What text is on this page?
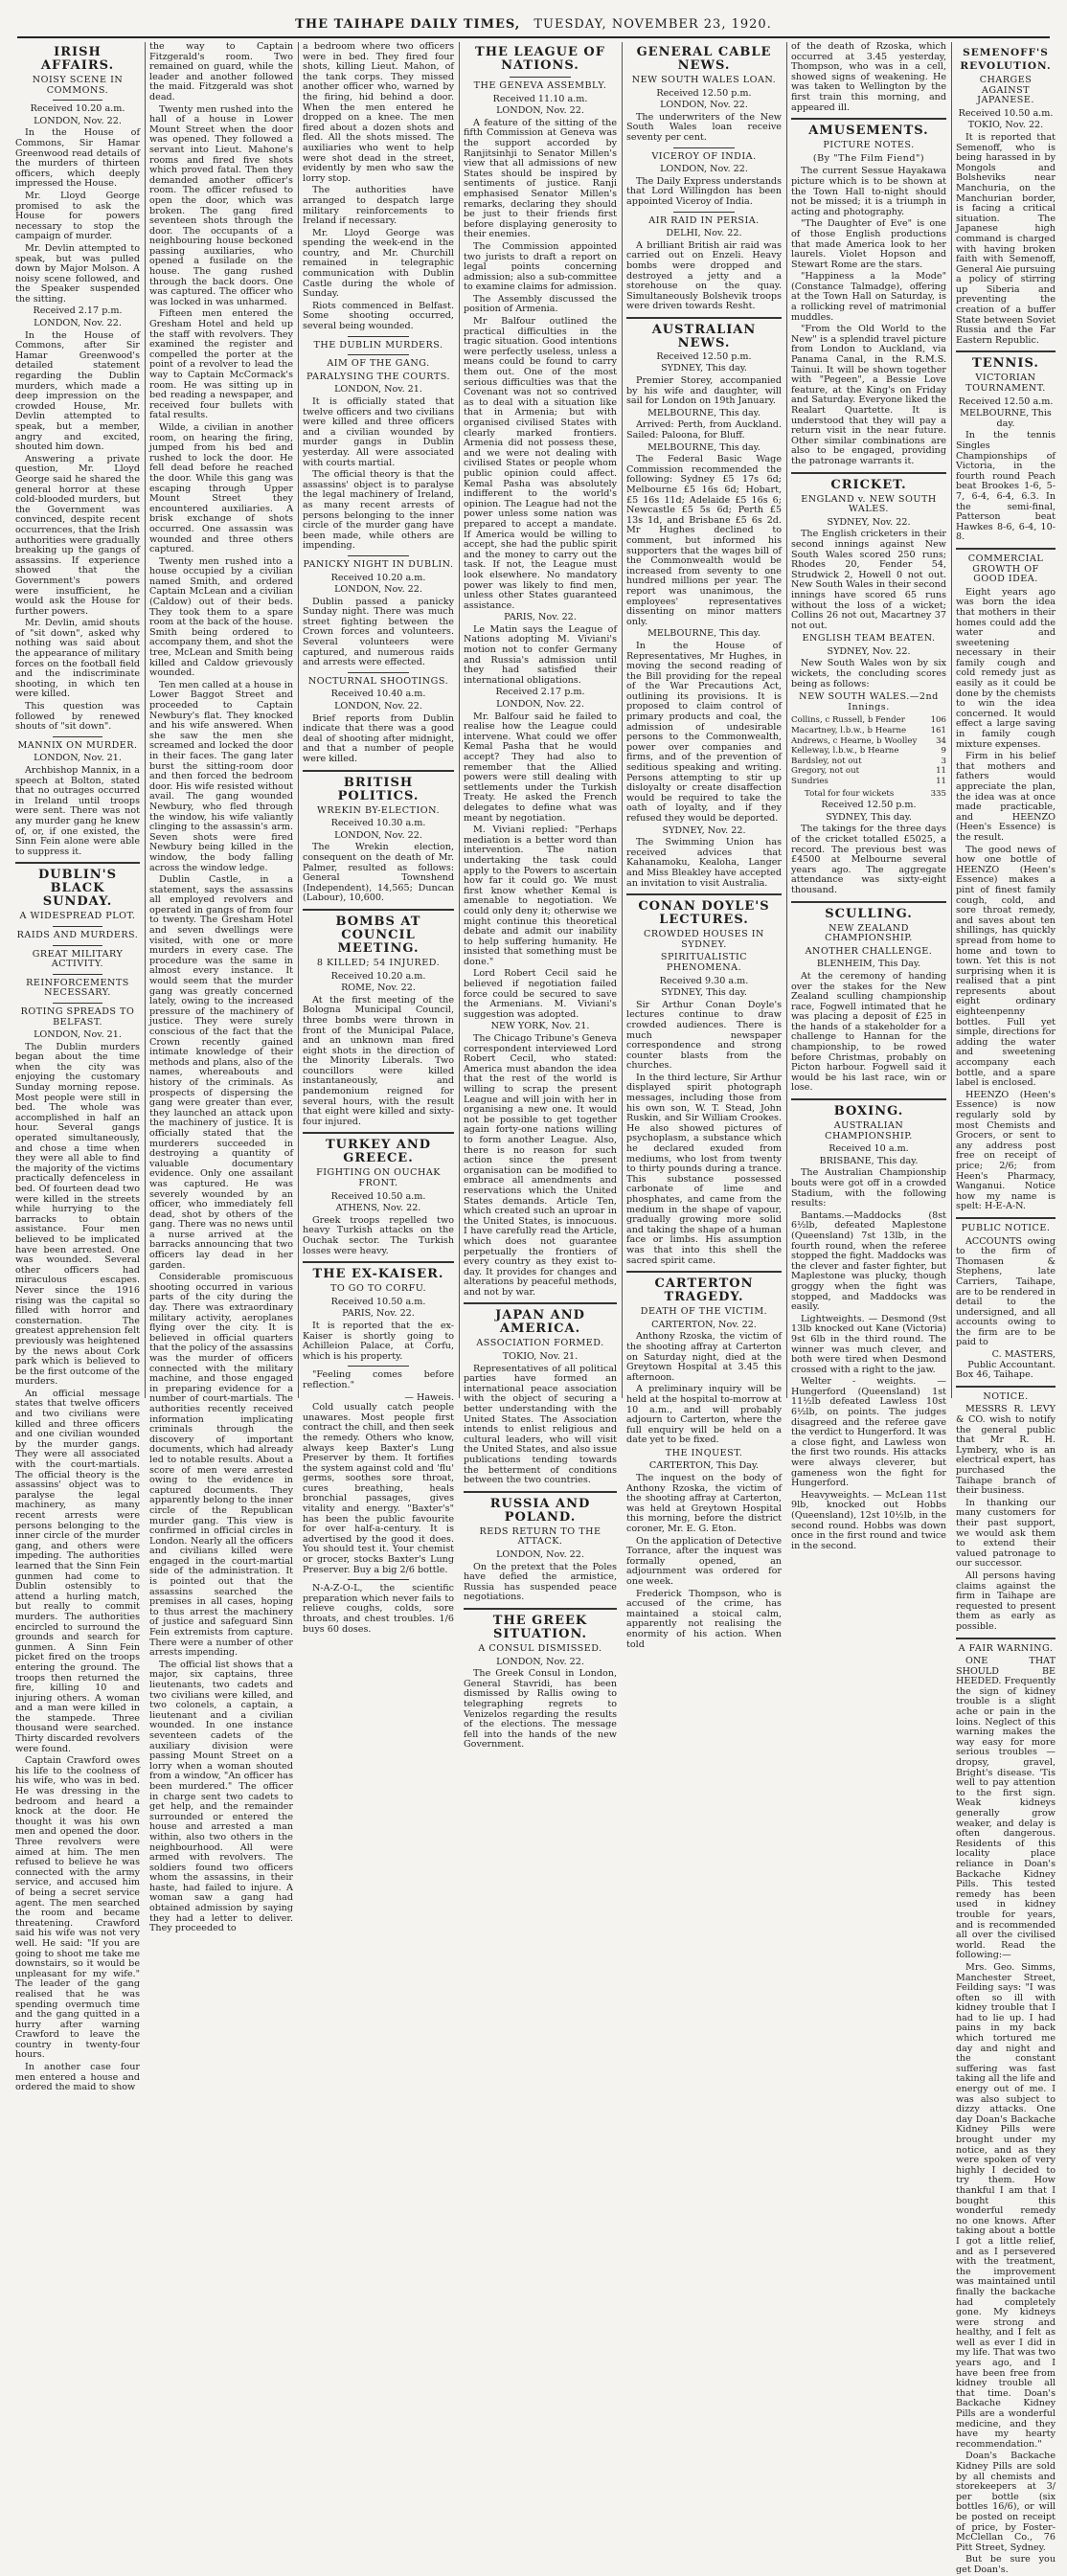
THE TAIHAPE DAILY TIMES, TUESDAY, NOVEMBER 23, 1920.
IRISH AFFAIRS.
NOISY SCENE IN COMMONS.
Received 10.20 a.m.
LONDON, Nov. 22.

In the House of Commons, Sir Hamar Greenwood read details of the murders of thirteen officers, which deeply impressed the House.

Mr. Lloyd George promised to ask the House for powers necessary to stop the campaign of murder.

Mr. Devlin attempted to speak, but was pulled down by Major Molson. A noisy scene followed, and the Speaker suspended the sitting.

Received 2.17 p.m.
LONDON, Nov. 22.

In the House of Commons, after Sir Hamar Greenwood's detailed statement regarding the Dublin murders, which made a deep impression on the crowded House, Mr. Devlin attempted to speak, but a member, angry and excited, shouted him down.

Answering a private question, Mr. Lloyd George said he shared the general horror at these cold-blooded murders, but the Government was convinced, despite recent occurrences, that the Irish authorities were gradually breaking up the gangs of assassins. If experience showed that the Government's powers were insufficient, he would ask the House for further powers.

Mr. Devlin, amid shouts of "sit down", asked why nothing was said about the appearance of military forces on the football field and the indiscriminate shooting, in which ten were killed.

This question was followed by renewed shouts of "sit down".

MANNIX ON MURDER.
LONDON, Nov. 21.

Archbishop Mannix, in a speech at Bolton, stated that no outrages occurred in Ireland until troops were sent. There was not any murder gang he knew of, or, if one existed, the Sinn Fein alone were able to suppress it.

DUBLIN'S BLACK SUNDAY.
A WIDESPREAD PLOT.
RAIDS AND MURDERS.
GREAT MILITARY ACTIVITY.
REINFORCEMENTS NECESSARY.
ROTING SPREADS TO BELFAST.
LONDON, Nov. 21.

The Dublin murders began about the time when the city was enjoying the customary Sunday morning repose. Most people were still in bed. The whole was accomplished in half an hour. Several gangs operated simultaneously, and chose a time when they were all able to find the majority of the victims practically defenceless in bed. Of fourteen dead two were killed in the streets while hurrying to the barracks to obtain assistance. Four men believed to be implicated have been arrested. One was wounded. Several other officers had miraculous escapes. Never since the 1916 rising was the capital so filled with horror and consternation. The greatest apprehension felt previously was heightened by the news about Cork park which is believed to be the first outcome of the murders.

An official message states that twelve officers and two civilians were killed and three officers and one civilian wounded by the murder gangs. They were all associated with the court-martials. The official theory is the assassins' object was to paralyse the legal machinery, as many recent arrests were persons belonging to the inner circle of the murder gang, and others were impeding. The authorities learned that the Sinn Fein gunmen had come to Dublin ostensibly to attend a hurling match, but really to commit murders. The authorities encircled to surround the grounds and search for gunmen. A Sinn Fein picket fired on the troops entering the ground. The troops then returned the fire, killing 10 and injuring others. A woman and a man were killed in the stampede. Three thousand were searched. Thirty discarded revolvers were found.

Captain Crawford owes his life to the coolness of his wife, who was in bed. He was dressing in the bedroom and heard a knock at the door. He thought it was his own men and opened the door. Three revolvers were aimed at him. The men refused to believe he was connected with the army service, and accused him of being a secret service agent. The men searched the room and became threatening. Crawford said his wife was not very well. He said: "If you are going to shoot me take me downstairs, so it would be unpleasant for my wife." The leader of the gang realised that he was spending overmuch time and the gang quitted in a hurry after warning Crawford to leave the country in twenty-four hours.

In another case four men entered a house and ordered the maid to show

the way to Captain Fitzgerald's room. Two remained on guard, while the leader and another followed the maid. Fitzgerald was shot dead.

Twenty men rushed into the hall of a house in Lower Mount Street when the door was opened. They followed a servant into Lieut. Mahone's rooms and fired five shots which proved fatal. Then they demanded another officer's room. The officer refused to open the door, which was broken. The gang fired seventeen shots through the door. The occupants of a neighbouring house beckoned passing auxiliaries, who opened a fusilade on the house. The gang rushed through the back doors. One was captured. The officer who was locked in was unharmed.

Fifteen men entered the Gresham Hotel and held up the staff with revolvers. They examined the register and compelled the porter at the point of a revolver to lead the way to Captain McCormack's room. He was sitting up in bed reading a newspaper, and received four bullets with fatal results.

Wilde, a civilian in another room, on hearing the firing, jumped from his bed and rushed to lock the door. He fell dead before he reached the door. While this gang was escaping through Upper Mount Street they encountered auxiliaries. A brisk exchange of shots occurred. One assassin was wounded and three others captured.

Twenty men rushed into a house occupied by a civilian named Smith, and ordered Captain McLean and a civilian (Caldow) out of their beds. They took them to a spare room at the back of the house. Smith being ordered to accompany them, and shot the tree, McLean and Smith being killed and Caldow grievously wounded.

Ten men called at a house in Lower Baggot Street and proceeded to Captain Newbury's flat. They knocked and his wife answered. When she saw the men she screamed and locked the door in their faces. The gang later burst the sitting-room door and then forced the bedroom door. His wife resisted without avail. The gang wounded Newbury, who fled through the window, his wife valiantly clinging to the assassin's arm. Seven shots were fired Newbury being killed in the window, the body falling across the window ledge.

Dublin Castle, in a statement, says the assassins all employed revolvers and operated in gangs of from four to twenty. The Gresham Hotel and seven dwellings were visited, with one or more murders in every case. The procedure was the same in almost every instance. It would seem that the murder gang was greatly concerned lately, owing to the increased pressure of the machinery of justice. They were surely conscious of the fact that the Crown recently gained intimate knowledge of their methods and plans, also of the names, whereabouts and history of the criminals. As prospects of dispersing the gang were greater than ever, they launched an attack upon the machinery of justice. It is officially stated that the murderers succeeded in destroying a quantity of valuable documentary evidence. Only one assailant was captured. He was severely wounded by an officer, who immediately fell dead, shot by others of the gang. There was no news until a nurse arrived at the barracks announcing that two officers lay dead in her garden.

Considerable promiscuous shooting occurred in various parts of the city during the day. There was extraordinary military activity, aeroplanes flying over the city. It is believed in official quarters that the policy of the assassins was the murder of officers connected with the military machine, and those engaged in preparing evidence for a number of court-martials. The authorities recently received information implicating criminals through the discovery of important documents, which had already led to notable results. About a score of men were arrested owing to the evidence in captured documents. They apparently belong to the inner circle of the Republican murder gang. This view is confirmed in official circles in London. Nearly all the officers and civilians killed were engaged in the court-martial side of the administration. It is pointed out that the assassins searched the premises in all cases, hoping to thus arrest the machinery of justice and safeguard Sinn Fein extremists from capture. There were a number of other arrests impending.

The official list shows that a major, six captains, three lieutenants, two cadets and two civilians were killed, and two colonels, a captain, a lieutenant and a civilian wounded. In one instance seventeen cadets of the auxiliary division were passing Mount Street on a lorry when a woman shouted from a window, "An officer has been murdered." The officer in charge sent two cadets to get help, and the remainder surrounded or entered the house and arrested a man within, also two others in the neighbourhood. All were armed with revolvers. The soldiers found two officers whom the assassins, in their haste, had failed to injure. A woman saw a gang had obtained admission by saying they had a letter to deliver. They proceeded to

a bedroom where two officers were in bed. They fired four shots, killing Lieut. Mahon, of the tank corps. They missed another officer who, warned by the firing, hid behind a door. When the men entered he dropped on a knee. The men fired about a dozen shots and fled. All the shots missed. The auxiliaries who went to help were shot dead in the street, evidently by men who saw the lorry stop.

The authorities have arranged to despatch large military reinforcements to Ireland if necessary.

Mr. Lloyd George was spending the week-end in the country, and Mr. Churchill remained in telegraphic communication with Dublin Castle during the whole of Sunday.

Riots commenced in Belfast. Some shooting occurred, several being wounded.

THE DUBLIN MURDERS.
AIM OF THE GANG.
PARALYSING THE COURTS.
LONDON, Nov. 21.

It is officially stated that twelve officers and two civilians were killed and three officers and a civilian wounded by murder gangs in Dublin yesterday. All were associated with courts martial.

The official theory is that the assassins' object is to paralyse the legal machinery of Ireland, as many recent arrests of persons belonging to the inner circle of the murder gang have been made, while others are impending.

PANICKY NIGHT IN DUBLIN.
Received 10.20 a.m.
LONDON, Nov. 22.

Dublin passed a panicky Sunday night. There was much street fighting between the Crown forces and volunteers. Several volunteers were captured, and numerous raids and arrests were effected.

NOCTURNAL SHOOTINGS.
Received 10.40 a.m.
LONDON, Nov. 22.

Brief reports from Dublin indicate that there was a good deal of shooting after midnight, and that a number of people were killed.

BRITISH POLITICS.
WREKIN BY-ELECTION.
Received 10.30 a.m.
LONDON, Nov. 22.

The Wrekin election, consequent on the death of Mr. Palmer, resulted as follows: General Townshend (Independent), 14,565; Duncan (Labour), 10,600.

BOMBS AT COUNCIL MEETING.
8 KILLED; 54 INJURED.
Received 10.20 a.m.
ROME, Nov. 22.

At the first meeting of the Bologna Municipal Council, three bombs were thrown in front of the Municipal Palace, and an unknown man fired eight shots in the direction of the Minority Liberals. Two councillors were killed instantaneously, and pandemonium reigned for several hours, with the result that eight were killed and sixty-four injured.

TURKEY AND GREECE.
FIGHTING ON OUCHAK FRONT.
Received 10.50 a.m.
ATHENS, Nov. 22.

Greek troops repelled two heavy Turkish attacks on the Ouchak sector. The Turkish losses were heavy.

THE EX-KAISER.
TO GO TO CORFU.
Received 10.50 a.m.
PARIS, Nov. 22.

It is reported that the ex-Kaiser is shortly going to Achilleion Palace, at Corfu, which is his property.

"Feeling comes before reflection."

— Haweis.

Cold usually catch people unawares. Most people first contract the chill, and then seek the remedy. Others who know, always keep Baxter's Lung Preserver by them. It fortifies the system against cold and 'flu' germs, soothes sore throat, cures breathing, heals bronchial passages, gives vitality and energy. "Baxter's" has been the public favourite for over half-a-century. It is advertised by the good it does. You should test it. Your chemist or grocer, stocks Baxter's Lung Preserver. Buy a big 2/6 bottle.

N-A-Z-O-L, the scientific preparation which never fails to relieve coughs, colds, sore throats, and chest troubles. 1/6 buys 60 doses.

THE LEAGUE OF NATIONS.
THE GENEVA ASSEMBLY.
Received 11.10 a.m.
LONDON, Nov. 22.

A feature of the sitting of the fifth Commission at Geneva was the support accorded by Ranjitsinhji to Senator Millen's view that all admissions of new States should be inspired by sentiments of justice. Ranji emphasised Senator Millen's remarks, declaring they should be just to their friends first before displaying generosity to their enemies.

The Commission appointed two jurists to draft a report on legal points concerning admission; also a sub-committee to examine claims for admission.

The Assembly discussed the position of Armenia.

Mr Balfour outlined the practical difficulties in the tragic situation. Good intentions were perfectly useless, unless a means could be found to carry them out. One of the most serious difficulties was that the Covenant was not so contrived as to deal with a situation like that in Armenia; but with organised civilised States with clearly marked frontiers. Armenia did not possess these, and we were not dealing with civilised States or people whom public opinion could affect. Kemal Pasha was absolutely indifferent to the world's opinion. The League had not the power unless some nation was prepared to accept a mandate. If America would be willing to accept, she had the public spirit and the money to carry out the task. If not, the League must look elsewhere. No mandatory power was likely to find men, unless other States guaranteed assistance.

PARIS, Nov. 22.

Le Matin says the League of Nations adopting M. Viviani's motion not to confer Germany and Russia's admission until they had satisfied their international obligations.

Received 2.17 p.m.
LONDON, Nov. 22.

Mr. Balfour said he failed to realise how the League could intervene. What could we offer Kemal Pasha that he would accept? They had also to remember that the Allied powers were still dealing with settlements under the Turkish Treaty. He asked the French delegates to define what was meant by negotiation.

M. Viviani replied: "Perhaps mediation is a better word than intervention. The nation undertaking the task could apply to the Powers to ascertain how far it could go. We must first know whether Kemal is amenable to negotiation. We could only deny it; otherwise we might continue this theoretical debate and admit our inability to help suffering humanity. He insisted that something must be done."

Lord Robert Cecil said he believed if negotiation failed force could be secured to save the Armenians. M. Viviani's suggestion was adopted.

NEW YORK, Nov. 21.

The Chicago Tribune's Geneva correspondent interviewed Lord Robert Cecil, who stated: America must abandon the idea that the rest of the world is willing to scrap the present League and will join with her in organising a new one. It would not be possible to get together again forty-one nations willing to form another League. Also, there is no reason for such action since the present organisation can be modified to embrace all amendments and reservations which the United States demands. Article Ten, which created such an uproar in the United States, is innocuous. I have carefully read the Article, which does not guarantee perpetually the frontiers of every country as they exist to-day. It provides for changes and alterations by peaceful methods, and not by war.

JAPAN AND AMERICA.
ASSOCIATION FORMED.
TOKIO, Nov. 21.

Representatives of all political parties have formed an international peace association with the object of securing a better understanding with the United States. The Association intends to enlist religious and cultural leaders, who will visit the United States, and also issue publications tending towards the betterment of conditions between the two countries.

RUSSIA AND POLAND.
REDS RETURN TO THE ATTACK.
LONDON, Nov. 22.

On the pretext that the Poles have defied the armistice, Russia has suspended peace negotiations.

THE GREEK SITUATION.
A CONSUL DISMISSED.
LONDON, Nov. 22.

The Greek Consul in London, General Stavridi, has been dismissed by Rallis owing to telegraphing regrets to Venizelos regarding the results of the elections. The message fell into the hands of the new Government.

GENERAL CABLE NEWS.
NEW SOUTH WALES LOAN.
Received 12.50 p.m.
LONDON, Nov. 22.

The underwriters of the New South Wales loan receive seventy per cent.

VICEROY OF INDIA.
LONDON, Nov. 22.

The Daily Express understands that Lord Willingdon has been appointed Viceroy of India.

AIR RAID IN PERSIA.
DELHI, Nov. 22.

A brilliant British air raid was carried out on Enzeli. Heavy bombs were dropped and destroyed a jetty and a storehouse on the quay. Simultaneously Bolshevik troops were driven towards Resht.

AUSTRALIAN NEWS.
Received 12.50 p.m.
SYDNEY, This day.

Premier Storey, accompanied by his wife and daughter, will sail for London on 19th January.

MELBOURNE, This day.

Arrived: Perth, from Auckland. Sailed: Paloona, for Bluff.

MELBOURNE, This day.

The Federal Basic Wage Commission recommended the following: Sydney £5 17s 6d; Melbourne £5 16s 6d; Hobart, £5 16s 11d; Adelaide £5 16s 6; Newcastle £5 5s 6d; Perth £5 13s 1d, and Brisbane £5 6s 2d. Mr Hughes declined to comment, but informed his supporters that the wages bill of the Commonwealth would be increased from seventy to one hundred millions per year. The report was unanimous, the employees' representatives dissenting on minor matters only.

MELBOURNE, This day.

In the House of Representatives, Mr Hughes, in moving the second reading of the Bill providing for the repeal of the War Precautions Act, outlining its provisions. It is proposed to claim control of primary products and coal, the admission of undesirable persons to the Commonwealth, power over companies and firms, and of the prevention of seditious speaking and writing. Persons attempting to stir up disloyalty or create disaffection would be required to take the oath of loyalty, and if they refused they would be deported.

SYDNEY, Nov. 22.

The Swimming Union has received advices that Kahanamoku, Kealoha, Langer and Miss Bleakley have accepted an invitation to visit Australia.

CONAN DOYLE'S LECTURES.
CROWDED HOUSES IN SYDNEY.
SPIRITUALISTIC PHENOMENA.
Received 9.30 a.m.
SYDNEY, This day.

Sir Arthur Conan Doyle's lectures continue to draw crowded audiences. There is much newspaper correspondence and strong counter blasts from the churches.

In the third lecture, Sir Arthur displayed spirit photograph messages, including those from his own son, W. T. Stead, John Ruskin, and Sir William Crookes. He also showed pictures of psychoplasm, a substance which he declared exuded from mediums, who lost from twenty to thirty pounds during a trance. This substance possessed carbonate of lime and phosphates, and came from the medium in the shape of vapour, gradually growing more solid and taking the shape of a human face or limbs. His assumption was that into this shell the sacred spirit came.

CARTERTON TRAGEDY.
DEATH OF THE VICTIM.
CARTERTON, Nov. 22.

Anthony Rzoska, the victim of the shooting affray at Carterton on Saturday night, died at the Greytown Hospital at 3.45 this afternoon.

A preliminary inquiry will be held at the hospital to-morrow at 10 a.m., and will probably adjourn to Carterton, where the full enquiry will be held on a date yet to be fixed.

THE INQUEST.
CARTERTON, This Day.

The inquest on the body of Anthony Rzoska, the victim of the shooting affray at Carterton, was held at Greytown Hospital this morning, before the district coroner, Mr. E. G. Eton.

On the application of Detective Torrance, after the inquest was formally opened, an adjournment was ordered for one week.

Frederick Thompson, who is accused of the crime, has maintained a stoical calm, apparently not realising the enormity of his action. When told

of the death of Rzoska, which occurred at 3.45 yesterday, Thompson, who was in a cell, showed signs of weakening. He was taken to Wellington by the first train this morning, and appeared ill.

AMUSEMENTS.
PICTURE NOTES.
(By "The Film Fiend")

The current Sessue Hayakawa picture which is to be shown at the Town Hall to-night should not be missed; it is a triumph in acting and photography.

"The Daughter of Eve" is one of those English productions that made America look to her laurels. Violet Hopson and Stewart Rome are the stars.

"Happiness a la Mode" (Constance Talmadge), offering at the Town Hall on Saturday, is a rollicking revel of matrimonial muddles.

"From the Old World to the New" is a splendid travel picture from London to Auckland, via Panama Canal, in the R.M.S. Tainui. It will be shown together with "Pegeen", a Bessie Love feature, at the King's on Friday and Saturday. Everyone liked the Realart Quartette. It is understood that they will pay a return visit in the near future. Other similar combinations are also to be engaged, providing the patronage warrants it.

CRICKET.
ENGLAND v. NEW SOUTH WALES.
SYDNEY, Nov. 22.

The English cricketers in their second innings against New South Wales scored 250 runs; Rhodes 20, Fender 54, Strudwick 2, Howell 0 not out. New South Wales in their second innings have scored 65 runs without the loss of a wicket; Collins 26 not out, Macartney 37 not out.

ENGLISH TEAM BEATEN.
SYDNEY, Nov. 22.

New South Wales won by six wickets, the concluding scores being as follows:

NEW SOUTH WALES.—2nd Innings.
Collins, c Russell, b Fender	106
Macartney, l.b.w., b Hearne	161
Andrews, c Hearne, b Woolley	34
Kelleway, l.b.w., b Hearne	9
Bardsley, not out	3
Gregory, not out	11
Sundries	11
Total for four wickets	335
Received 12.50 p.m.
SYDNEY, This day.

The takings for the three days of the cricket totalled £5025, a record. The previous best was £4500 at Melbourne several years ago. The aggregate attendance was sixty-eight thousand.

SCULLING.
NEW ZEALAND CHAMPIONSHIP.
ANOTHER CHALLENGE.
BLENHEIM, This Day.

At the ceremony of handing over the stakes for the New Zealand sculling championship race, Fogwell intimated that he was placing a deposit of £25 in the hands of a stakeholder for a challenge to Hannan for the championship, to be rowed before Christmas, probably on Picton harbour. Fogwell said it would be his last race, win or lose.

BOXING.
AUSTRALIAN CHAMPIONSHIP.
Received 10 a.m.
BRISBANE, This day.

The Australian Championship bouts were got off in a crowded Stadium, with the following results:

Bantams.—Maddocks (8st 6½lb, defeated Maplestone (Queensland) 7st 13lb, in the fourth round, when the referee stopped the fight. Maddocks was the clever and faster fighter, but Maplestone was plucky, though groggy when the fight was stopped, and Maddocks was easily.

Lightweights. — Desmond (9st 13lb knocked out Kane (Victoria) 9st 6lb in the third round. The winner was much clever, and both were tired when Desmond crossed with a right to the jaw.

Welter - weights. — Hungerford (Queensland) 1st 11½lb defeated Lawless 10st 6½lb, on points. The judges disagreed and the referee gave the verdict to Hungerford. It was a close fight, and Lawless won the first two rounds. His attacks were always cleverer, but gameness won the fight for Hungerford.

Heavyweights. — McLean 11st 9lb, knocked out Hobbs (Queensland), 12st 10½lb, in the second round. Hobbs was down once in the first round and twice in the second.

SEMENOFF'S REVOLUTION.
CHARGES AGAINST JAPANESE.
Received 10.50 a.m.
TOKIO, Nov. 22.

It is reported that Semenoff, who is being harassed in by Mongols and Bolsheviks near Manchuria, on the Manchurian border, is facing a critical situation. The Japanese high command is charged with having broken faith with Semenoff, General Aie pursuing a policy of stirring up Siberia and preventing the creation of a buffer State between Soviet Russia and the Far Eastern Republic.

TENNIS.
VICTORIAN TOURNAMENT.
Received 12.50 a.m.
MELBOURNE, This day.

In the tennis Singles Championships of Victoria, in the fourth round Peach beat Brookes 1-6, 5-7, 6-4, 6-4, 6.3. In the semi-final, Patterson beat Hawkes 8-6, 6-4, 10-8.

COMMERCIAL GROWTH OF GOOD IDEA.

Eight years ago was born the idea that mothers in their homes could add the water and sweetening necessary in their family cough and cold remedy just as easily as it could be done by the chemists to win the idea concerned. It would effect a large saving in family cough mixture expenses.

Firm in his belief that mothers and fathers would appreciate the plan, the idea was at once made practicable, and HEENZO (Heen's Essence) is the result.

The good news of how one bottle of HEENZO (Heen's Essence) makes a pint of finest family cough, cold, and sore throat remedy, and saves about ten shillings, has quickly spread from home to home and town to town. Yet this is not surprising when it is realised that a pint represents about eight ordinary eighteenpenny bottles. Full yet simple, directions for adding the water and sweetening accompany each bottle, and a spare label is enclosed.

HEENZO (Heen's Essence) is now regularly sold by most Chemists and Grocers, or sent to any address post free on receipt of price; 2/6; from Heen's Pharmacy, Wanganui. Notice how my name is spelt: H-E-A-N.

PUBLIC NOTICE.

ACCOUNTS owing to the firm of Thomasen & Stephens, late Carriers, Taihape, are to be rendered in detail to the undersigned, and all accounts owing to the firm are to be paid to

C. MASTERS,
Public Accountant.
Box 46, Taihape.
NOTICE.

MESSRS R. LEVY & CO. wish to notify the general public that Mr R. H. Lymbery, who is an electrical expert, has purchased the Taihape branch of their business.

In thanking our many customers for their past support, we would ask them to extend their valued patronage to our successor.

All persons having claims against the firm in Taihape are requested to present them as early as possible.

A FAIR WARNING.

ONE THAT SHOULD BE HEEDED. Frequently the sign of kidney trouble is a slight ache or pain in the loins. Neglect of this warning makes the way easy for more serious troubles —dropsy, gravel, Bright's disease. 'Tis well to pay attention to the first sign. Weak kidneys generally grow weaker, and delay is often dangerous. Residents of this locality place reliance in Doan's Backache Kidney Pills. This tested remedy has been used in kidney trouble for years, and is recommended all over the civilised world. Read the following:—

Mrs. Geo. Simms, Manchester Street, Feilding says: "I was often so ill with kidney trouble that I had to lie up. I had pains in my back which tortured me day and night and the constant suffering was fast taking all the life and energy out of me. I was also subject to dizzy attacks. One day Doan's Backache Kidney Pills were brought under my notice, and as they were spoken of very highly I decided to try them. How thankful I am that I bought this wonderful remedy no one knows. After taking about a bottle I got a little relief, and as I persevered with the treatment, the improvement was maintained until finally the backache had completely gone. My kidneys were strong and healthy, and I felt as well as ever I did in my life. That was two years ago, and I have been free from kidney trouble all that time. Doan's Backache Kidney Pills are a wonderful medicine, and they have my hearty recommendation."

Doan's Backache Kidney Pills are sold by all chemists and storekeepers at 3/ per bottle (six bottles 16/6), or will be posted on receipt of price, by Foster-McClellan Co., 76 Pitt Street, Sydney.

But be sure you get Doan's.
